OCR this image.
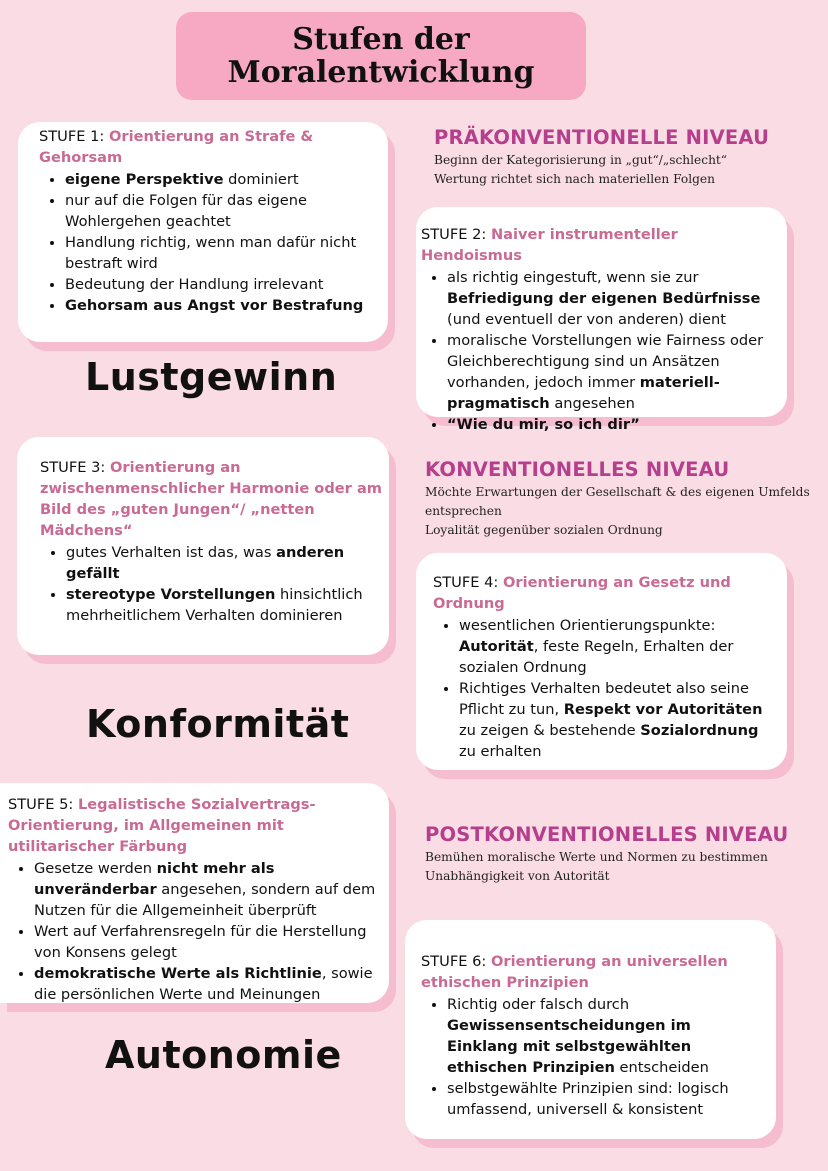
Stufen der
Moralentwicklung
PRÄKONVENTIONELLE NIVEAU
Beginn der Kategorisierung in „gut“/„schlecht“
Wertung richtet sich nach materiellen Folgen
KONVENTIONELLES NIVEAU
Möchte Erwartungen der Gesellschaft & des eigenen Umfelds
entsprechen
Loyalität gegenüber sozialen Ordnung
POSTKONVENTIONELLES NIVEAU
Bemühen moralische Werte und Normen zu bestimmen
Unabhängigkeit von Autorität
Lustgewinn
Konformität
Autonomie

STUFE 1: Orientierung an Strafe & Gehorsam

• eigene Perspektive dominiert
• nur auf die Folgen für das eigene Wohlergehen geachtet
• Handlung richtig, wenn man dafür nicht bestraft wird
• Bedeutung der Handlung irrelevant
• Gehorsam aus Angst vor Bestrafung

STUFE 2: Naiver instrumenteller Hendoismus

• als richtig eingestuft, wenn sie zur Befriedigung der eigenen Bedürfnisse (und eventuell der von anderen) dient
• moralische Vorstellungen wie Fairness oder Gleichberechtigung sind un Ansätzen vorhanden, jedoch immer materiell-pragmatisch angesehen
• “Wie du mir, so ich dir”

STUFE 3: Orientierung an zwischenmenschlicher Harmonie oder am Bild des „guten Jungen“/ „netten Mädchens“

• gutes Verhalten ist das, was anderen gefällt
• stereotype Vorstellungen hinsichtlich mehrheitlichem Verhalten dominieren

STUFE 4: Orientierung an Gesetz und Ordnung

• wesentlichen Orientierungspunkte: Autorität, feste Regeln, Erhalten der sozialen Ordnung
• Richtiges Verhalten bedeutet also seine Pflicht zu tun, Respekt vor Autoritäten zu zeigen & bestehende Sozialordnung zu erhalten

STUFE 5: Legalistische Sozialvertrags-Orientierung, im Allgemeinen mit utilitarischer Färbung

• Gesetze werden nicht mehr als unveränderbar angesehen, sondern auf dem Nutzen für die Allgemeinheit überprüft
• Wert auf Verfahrensregeln für die Herstellung von Konsens gelegt
• demokratische Werte als Richtlinie, sowie die persönlichen Werte und Meinungen

STUFE 6: Orientierung an universellen ethischen Prinzipien

• Richtig oder falsch durch Gewissensentscheidungen im Einklang mit selbstgewählten ethischen Prinzipien entscheiden
• selbstgewählte Prinzipien sind: logisch umfassend, universell & konsistent
